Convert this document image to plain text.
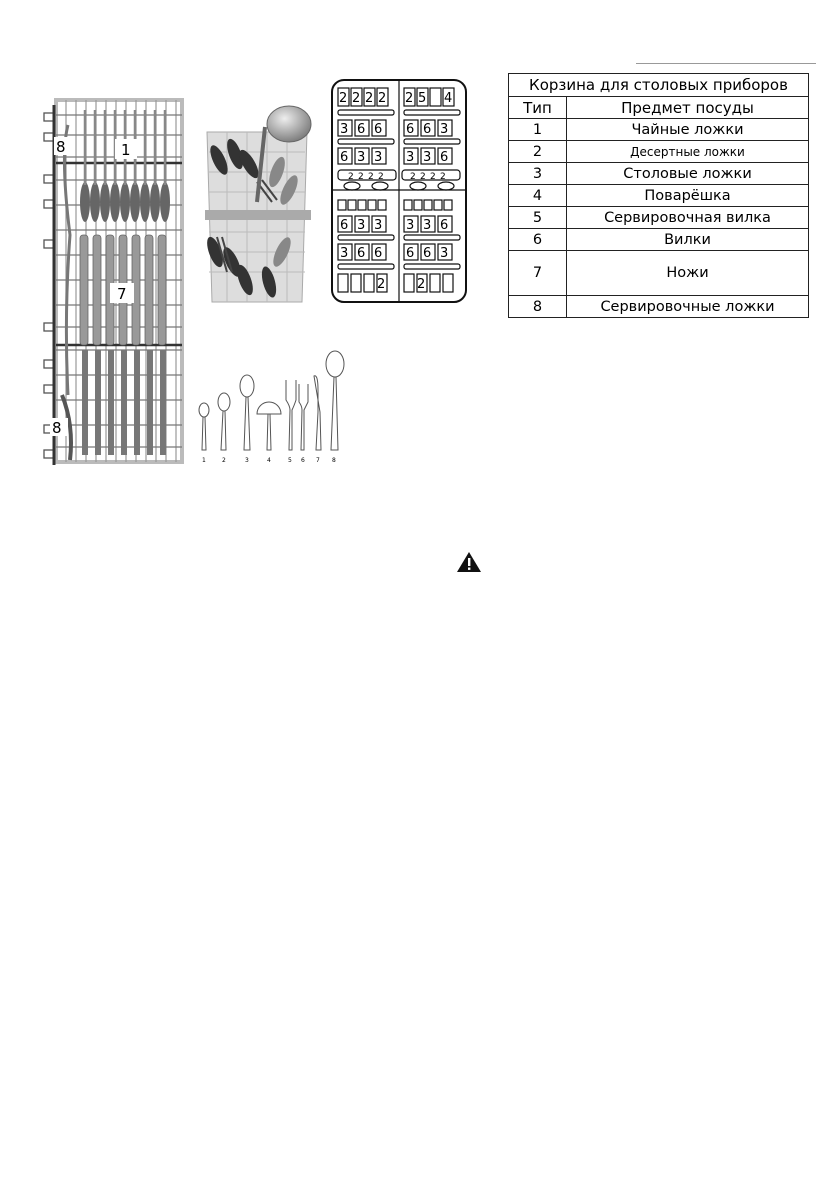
8	1
7
8
2 2 2 2 2 5 4
3 6 6 6 6 3
6 3 3 3 3 6
2 2 2 2	2 2 2 2
6 3 3 3 3 6
3 6 6 6 6 3
2 2
1	2	3	4	5 6 7 8
Корзина для столовых приборов	
Тип	Предмет посуды
1	Чайные ложки
2	Десертные ложки
3	Столовые ложки
4	Поварёшка
5	Сервировочная вилка
6	Вилки
7	Ножи
8	Сервировочные ложки
